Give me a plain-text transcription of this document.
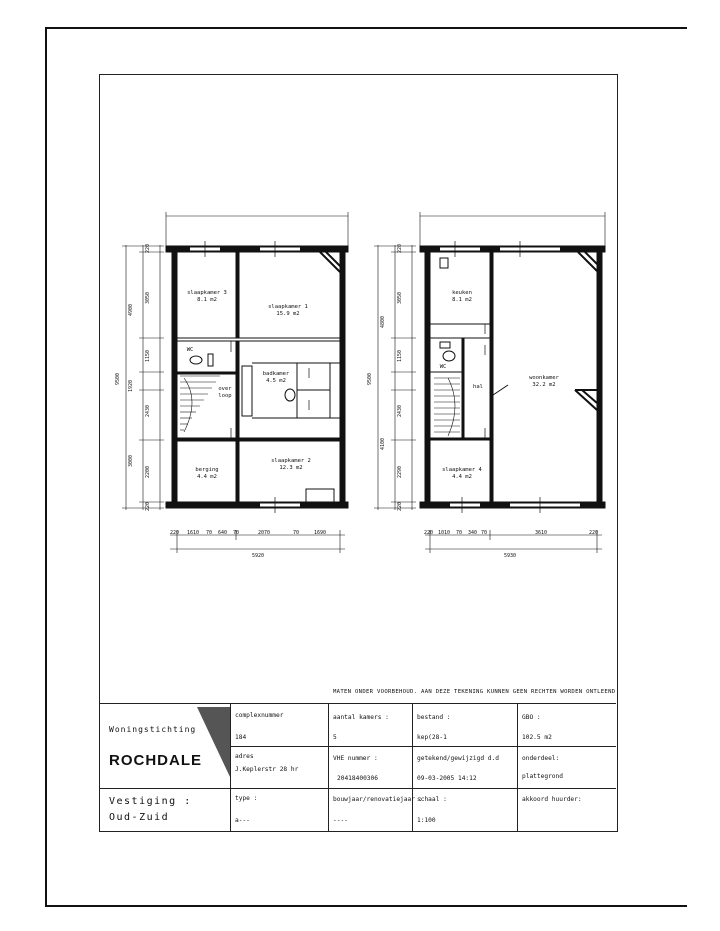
slaapkamer 3
8.1 m2
slaapkamer 1
15.9 m2
badkamer
4.5 m2
over
loop
WC
berging
4.4 m2
slaapkamer 2
12.3 m2
keuken
8.1 m2
woonkamer
32.2 m2
hal
WC
slaapkamer 4
4.4 m2
220
3050
4900
1150
9500
1920
2430
3000
2200
220
220 1610 70 640 70	2070	70	1690
5920
220
3050
4800
1150
9500
2430
4100
2290
220
220 1010 70 340 70	3610	220
5930
MATEN ONDER VOORBEHOUD. AAN DEZE TEKENING KUNNEN GEEN RECHTEN WORDEN ONTLEEND
Woningstichting
ROCHDALE
Vestiging :
Oud-Zuid
complexnummer
184
aantal kamers :
5
bestand :
kep(28-1
GBO :
102.5 m2
adres
J.Keplerstr 28 hr
VHE nummer :
20418400306
getekend/gewijzigd d.d
09-03-2005 14:12
onderdeel:
plattegrond
type :
a---
bouwjaar/renovatiejaar :
----
schaal :
1:100
akkoord huurder:
